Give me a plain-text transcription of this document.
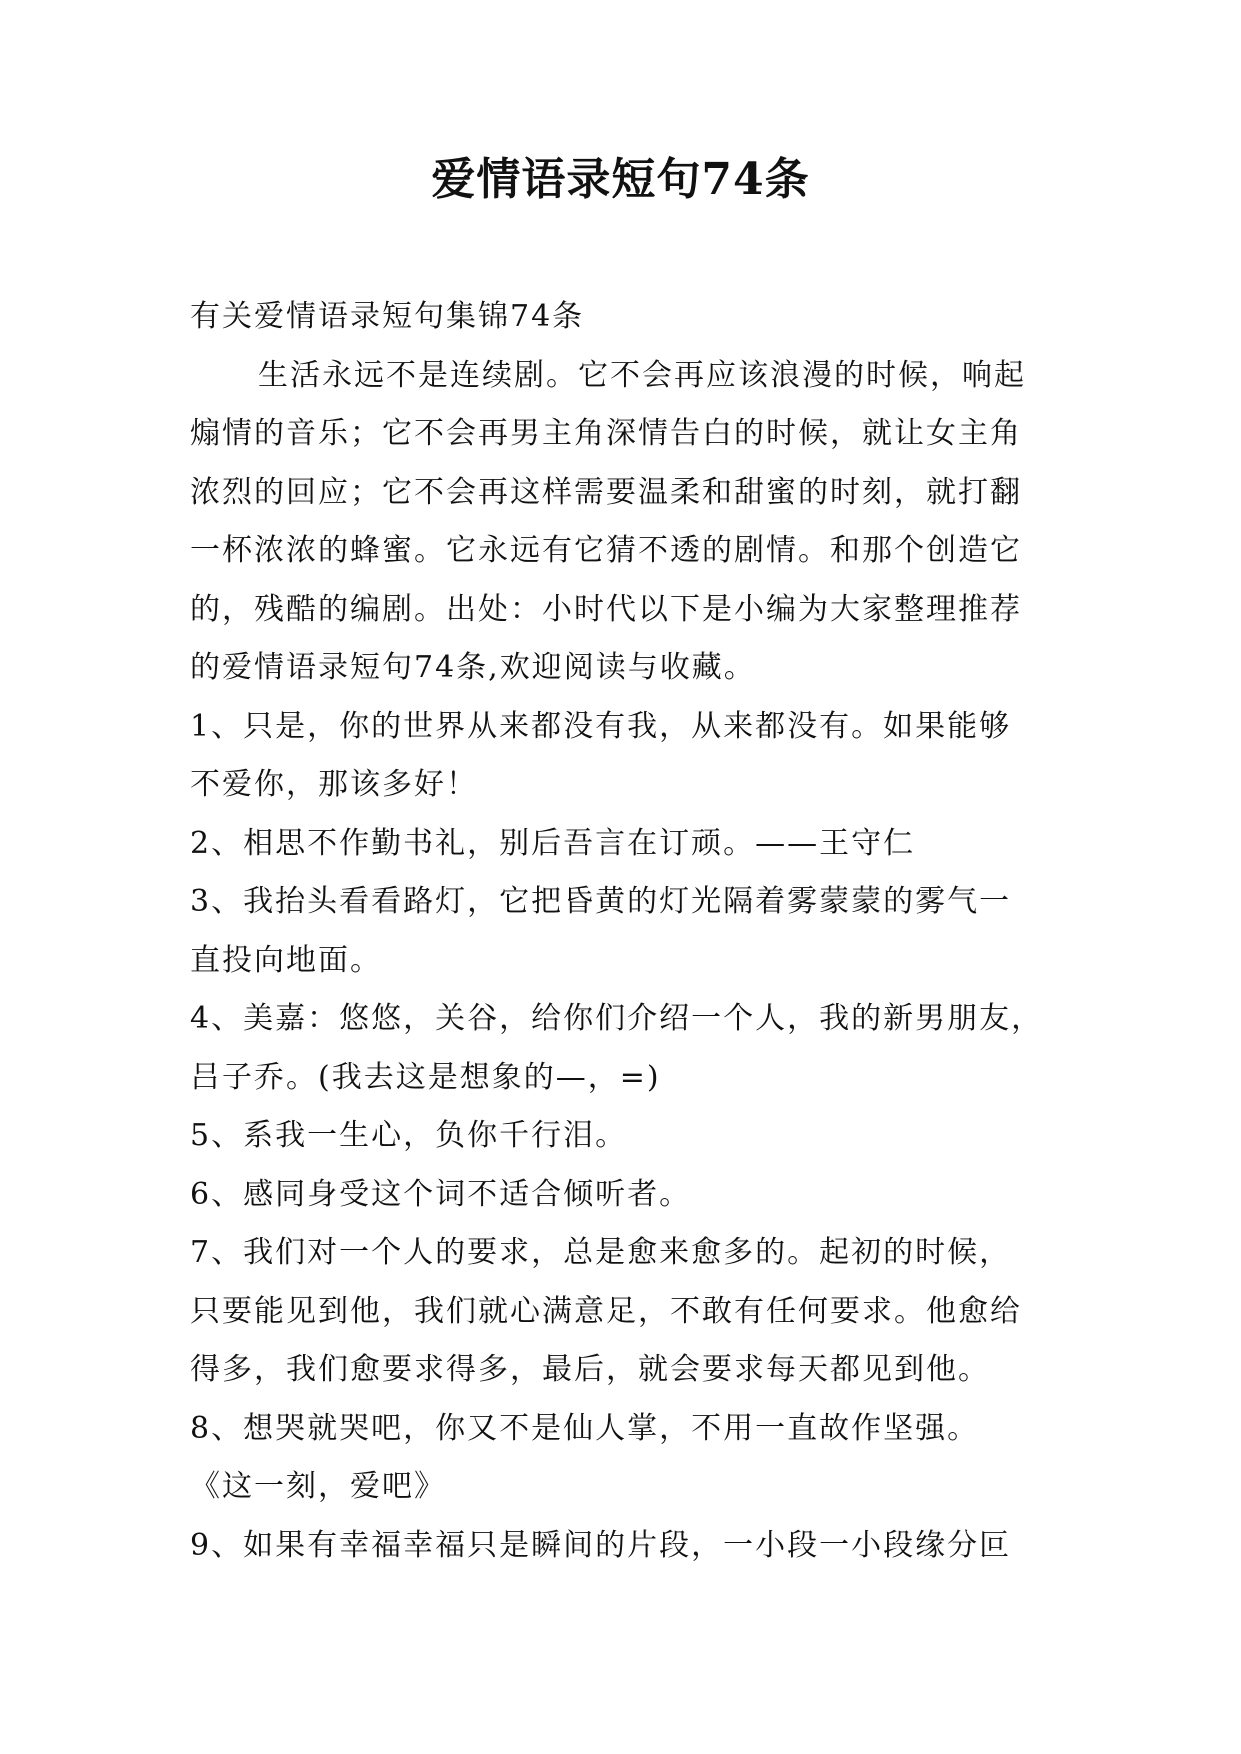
爱情语录短句74条
有关爱情语录短句集锦74条
生活永远不是连续剧。它不会再应该浪漫的时候，响起
煽情的音乐；它不会再男主角深情告白的时候，就让女主角
浓烈的回应；它不会再这样需要温柔和甜蜜的时刻，就打翻
一杯浓浓的蜂蜜。它永远有它猜不透的剧情。和那个创造它
的，残酷的编剧。出处：小时代以下是小编为大家整理推荐
的爱情语录短句74条,欢迎阅读与收藏。
1、只是，你的世界从来都没有我，从来都没有。如果能够
不爱你，那该多好！
2、相思不作勤书礼，别后吾言在订顽。——王守仁
3、我抬头看看路灯，它把昏黄的灯光隔着雾蒙蒙的雾气一
直投向地面。
4、美嘉：悠悠，关谷，给你们介绍一个人，我的新男朋友，
吕子乔。(我去这是想象的—，=)
5、系我一生心，负你千行泪。
6、感同身受这个词不适合倾听者。
7、我们对一个人的要求，总是愈来愈多的。起初的时候，
只要能见到他，我们就心满意足，不敢有任何要求。他愈给
得多，我们愈要求得多，最后，就会要求每天都见到他。
8、想哭就哭吧，你又不是仙人掌，不用一直故作坚强。
《这一刻，爱吧》
9、如果有幸福幸福只是瞬间的片段，一小段一小段缘分叵
